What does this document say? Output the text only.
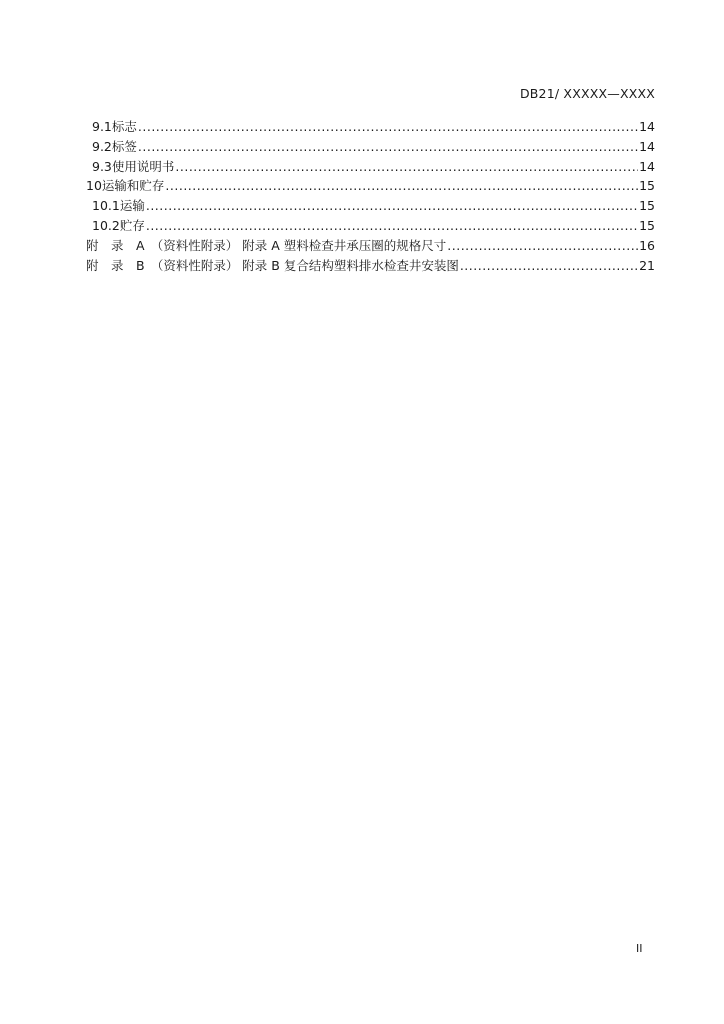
DB21/ XXXXX—XXXX
9.1 标志 .....	14
9.2 标签 .....	14
9.3 使用说明书 .....	14
10 运输和贮存 .....	15
10.1 运输 .....	15
10.2 贮存 .....	15
附　录　A　（资料性附录） 附录 A 塑料检查井承压圈的规格尺寸 .....	16
附　录　B　（资料性附录） 附录 B 复合结构塑料排水检查井安装图 .....	21
II
